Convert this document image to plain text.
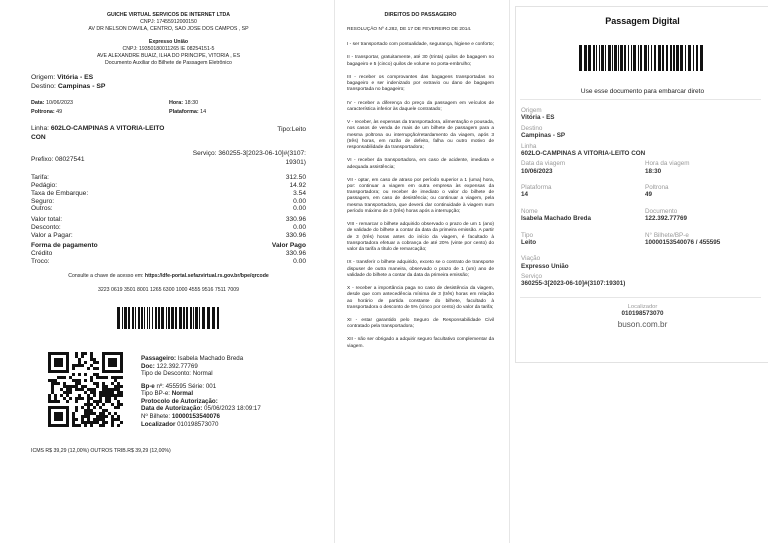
GUICHE VIRTUAL SERVICOS DE INTERNET LTDA
CNPJ: 17455912000150
AV DR NELSON D'AVILA, CENTRO, SAO JOSE DOS CAMPOS , SP
Expresso União
CNPJ: 19350180011265 IE 08254151-5
AVE ALEXANDRE BUAIZ, ILHA DO PRINCIPE, VITORIA , ES
Documento Auxiliar do Bilhete de Passagem Eletrônico
Origem: Vitória - ES
Destino: Campinas - SP
Data: 10/06/2023	Hora: 18:30
Poltrona: 49	Plataforma: 14
Linha: 602LO-CAMPINAS A VITORIA-LEITO CON
Tipo:Leito
Prefixo: 08027541
Serviço: 360255-3[2023-06-10]#(3107: 19301)
Tarifa:	312.50
Pedágio:	14.92
Taxa de Embarque:	3.54
Seguro:	0.00
Outros:	0.00
Valor total:	330.96
Desconto:	0.00
Valor a Pagar:	330.96
Forma de pagamento	Valor Pago
Crédito	330.96
Troco:	0.00
Consulte a chave de acesso em: https://dfe-portal.sefazvirtual.rs.gov.br/bpe/qrcode
3223 0619 3501 8001 1265 6300 1000 4555 9516 7511 7009
Passageiro: Isabela Machado Breda
Doc: 122.392.77769
Tipo de Desconto: Normal
Bp-e nº: 455595 Série: 001
Tipo BP-e: Normal
Protocolo de Autorização:
Data de Autorização: 05/06/2023 18:09:17
Nº Bilhete: 10000153540076
Localizador 010198573070
ICMS R$ 39,29 (12,00%) OUTROS TRIB.R$ 39,29 (12,00%)
DIREITOS DO PASSAGEIRO

RESOLUÇÃO Nº 4.282, DE 17 DE FEVEREIRO DE 2014.

I - ser transportado com pontualidade, segurança, higiene e conforto;

II - transportar, gratuitamente, até 30 (trinta) quilos de bagagem no bagageiro e 5 (cinco) quilos de volume no porta-embrulho;

III - receber os comprovantes das bagagens transportadas no bagageiro e ser indenizado por extravio ou dano de bagagem transportada no bagageiro;

IV - receber a diferença do preço da passagem em veículos de característica inferior às daquele contratado;

V - receber, às expensas da transportadora, alimentação e pousada, nos casos de venda de mais de um bilhete de passagem para a mesma poltrona ou interrupção/retardamento da viagem, após 3 (três) horas, em razão de defeito, falha ou outro motivo de responsabilidade da transportadora;

VI - receber da transportadora, em caso de acidente, imediata e adequada assistência;

VII - optar, em caso de atraso por período superior a 1 (uma) hora, por: continuar a viagem em outra empresa às expensas da transportadora; ou receber de imediato o valor do bilhete de passagem, em caso de desistência; ou continuar a viagem, pela mesma transportadora, que deverá dar continuidade à viagem num período máximo de 3 (três) horas após a interrupção;

VIII - remarcar o bilhete adquirido observado o prazo de um 1 (ano) de validade do bilhete a contar da data da primeira emissão. A partir de 3 (três) horas antes do início da viagem, é facultado à transportadora efetuar a cobrança de até 20% (vinte por cento) do valor da tarifa a título de remarcação;

IX - transferir o bilhete adquirido, exceto se o contrato de transporte dispuser de outra maneira, observado o prazo de 1 (um) ano de validade do bilhete a contar da data da primeira emissão;

X - receber a importância paga no caso de desistência da viagem, desde que com antecedência mínima de 3 (três) horas em relação ao horário de partida constante do bilhete, facultado à transportadora o desconto de 5% (cinco por cento) do valor da tarifa;

XI - estar garantido pelo Seguro de Responsabilidade Civil contratado pela transportadora;

XII - não ser obrigado a adquirir seguro facultativo complementar da viagem.

Passagem Digital
Use esse documento para embarcar direto
Origem
Vitória - ES
Destino
Campinas - SP
Linha
602LO-CAMPINAS A VITORIA-LEITO CON
Data da viagem
10/06/2023
Hora da viagem
18:30
Plataforma
14
Poltrona
49
Nome
Isabela Machado Breda
Documento
122.392.77769
Tipo
Leito
N° Bilhete/BP-e
10000153540076 / 455595
Viação
Expresso União
Serviço
360255-3[2023-06-10]#(3107:19301)
Localizador
010198573070
buson.com.br
